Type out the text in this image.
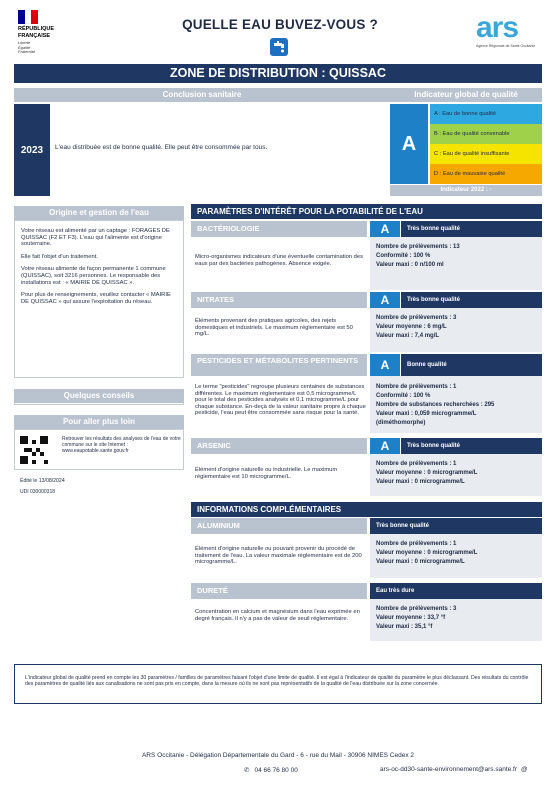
RÉPUBLIQUE
FRANÇAISE
Liberté
Égalité
Fraternité
QUELLE EAU BUVEZ-VOUS ?	ars
Agence Régionale de Santé Occitanie
ZONE DE DISTRIBUTION : QUISSAC
Conclusion sanitaire	Indicateur global de qualité
2023	L'eau distribuée est de bonne qualité. Elle peut être consommée par tous.	A
A : Eau de bonne qualité
B : Eau de qualité convenable
C : Eau de qualité insuffisante
D : Eau de mauvaise qualité
Indicateur 2022 : -
Origine et gestion de l'eau

Votre réseau est alimenté par un captage : FORAGES DE QUISSAC (F2 ET F3). L'eau qui l'alimente est d'origine souterraine.

Elle fait l'objet d'un traitement.

Votre réseau alimente de façon permanente 1 commune (QUISSAC), soit 3216 personnes. Le responsable des installations est : « MAIRIE DE QUISSAC ».

Pour plus de renseignements, veuillez contacter « MAIRIE DE QUISSAC » qui assure l'exploitation du réseau.

Quelques conseils
Pour aller plus loin
Retrouver les résultats des analyses de l'eau de votre commune sur le site Internet : www.eaupotable.sante.gouv.fr
Édité le 13/08/2024
UDI 030000318
PARAMÈTRES D'INTÉRÊT POUR LA POTABILITÉ DE L'EAU
BACTÉRIOLOGIE	A	Très bonne qualité
Micro-organismes indicateurs d'une éventuelle contamination des eaux par des bactéries pathogènes. Absence exigée.
Nombre de prélèvements : 13
Conformité : 100 %
Valeur maxi : 0 n/100 ml
NITRATES	A	Très bonne qualité
Éléments provenant des pratiques agricoles, des rejets domestiques et industriels. Le maximum réglementaire est 50 mg/L.
Nombre de prélèvements : 3
Valeur moyenne : 6 mg/L
Valeur maxi : 7,4 mg/L
PESTICIDES ET MÉTABOLITES PERTINENTS	A	Bonne qualité
Le terme "pesticides" regroupe plusieurs centaines de substances différentes. Le maximum réglementaire est 0,5 microgramme/L pour le total des pesticides analysés et 0,1 microgramme/L pour chaque substance. En-deçà de la valeur sanitaire propre à chaque pesticide, l'eau peut être consommée sans risque pour la santé.
Nombre de prélèvements : 1
Conformité : 100 %
Nombre de substances recherchées : 295
Valeur maxi : 0,059 microgramme/L
(diméthomorphe)
ARSENIC	A	Très bonne qualité
Élément d'origine naturelle ou industrielle. Le maximum réglementaire est 10 microgramme/L.
Nombre de prélèvements : 1
Valeur moyenne : 0 microgramme/L
Valeur maxi : 0 microgramme/L
INFORMATIONS COMPLÉMENTAIRES
ALUMINIUM	Très bonne qualité
Élément d'origine naturelle ou pouvant provenir du procédé de traitement de l'eau. La valeur maximale réglementaire est de 200 microgramme/L.
Nombre de prélèvements : 1
Valeur moyenne : 0 microgramme/L
Valeur maxi : 0 microgramme/L
DURETÉ	Eau très dure
Concentration en calcium et magnésium dans l'eau exprimée en degré français. Il n'y a pas de valeur de seuil réglementaire.
Nombre de prélèvements : 3
Valeur moyenne : 33,7 °f
Valeur maxi : 35,1 °f
L'indicateur global de qualité prend en compte les 30 paramètres / familles de paramètres faisant l'objet d'une limite de qualité. Il est égal à l'indicateur de qualité du paramètre le plus déclassant. Des résultats du contrôle des paramètres de qualité liés aux canalisations ne sont pas pris en compte, dans la mesure où ils ne sont pas représentatifs de la qualité de l'eau distribuée sur la zone concernée.
ARS Occitanie - Délégation Départementale du Gard - 6 - rue du Mail - 30906 NIMES Cedex 2
✆ 04 66 76 80 00	ars-oc-dd30-sante-environnement@ars.sante.fr @
